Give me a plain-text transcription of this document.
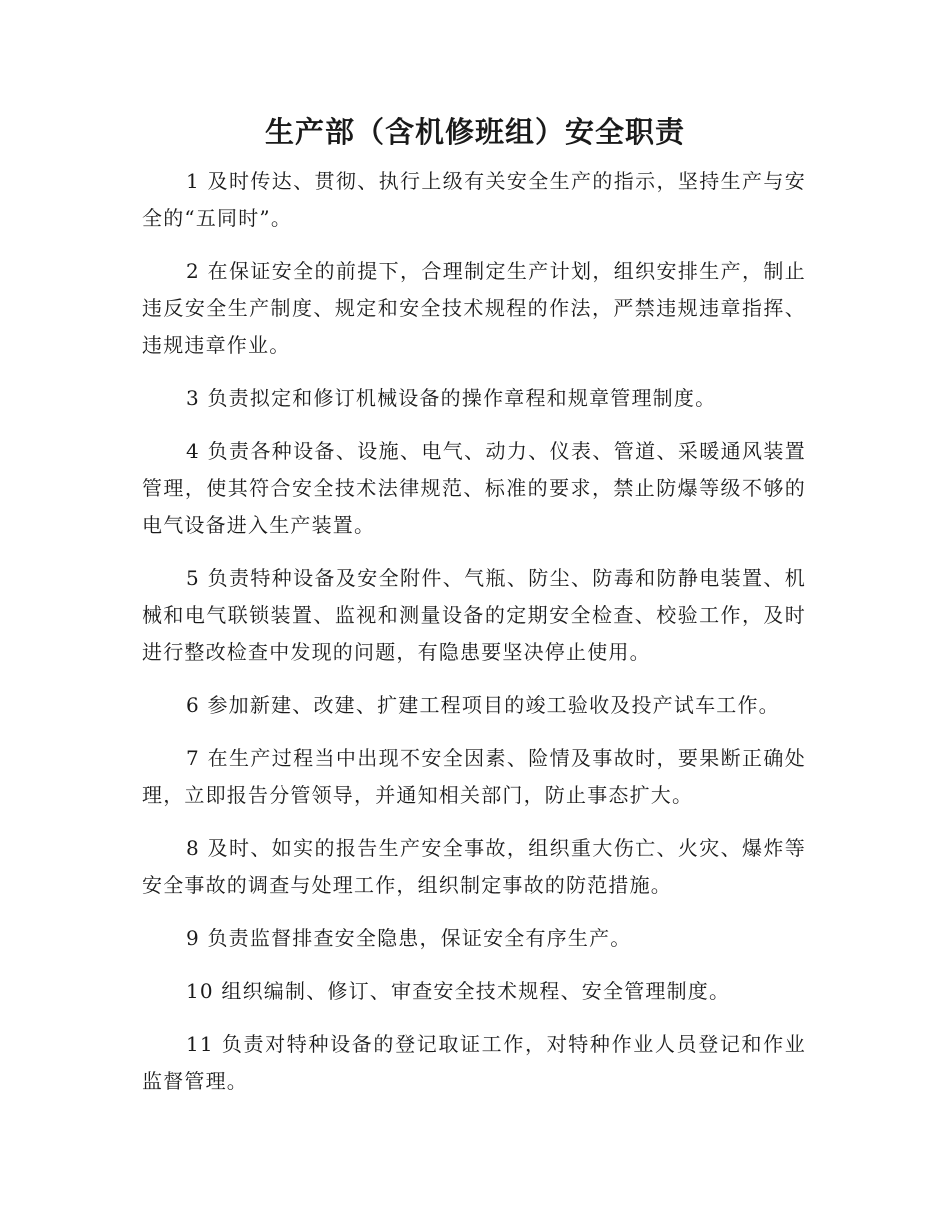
生产部（含机修班组）安全职责

1 及时传达、贯彻、执行上级有关安全生产的指示，坚持生产与安全的“五同时”。

2 在保证安全的前提下，合理制定生产计划，组织安排生产，制止违反安全生产制度、规定和安全技术规程的作法，严禁违规违章指挥、违规违章作业。

3 负责拟定和修订机械设备的操作章程和规章管理制度。

4 负责各种设备、设施、电气、动力、仪表、管道、采暖通风装置管理，使其符合安全技术法律规范、标准的要求，禁止防爆等级不够的电气设备进入生产装置。

5 负责特种设备及安全附件、气瓶、防尘、防毒和防静电装置、机械和电气联锁装置、监视和测量设备的定期安全检查、校验工作，及时进行整改检查中发现的问题，有隐患要坚决停止使用。

6 参加新建、改建、扩建工程项目的竣工验收及投产试车工作。

7 在生产过程当中出现不安全因素、险情及事故时，要果断正确处理，立即报告分管领导，并通知相关部门，防止事态扩大。

8 及时、如实的报告生产安全事故，组织重大伤亡、火灾、爆炸等安全事故的调查与处理工作，组织制定事故的防范措施。

9 负责监督排查安全隐患，保证安全有序生产。

10 组织编制、修订、审查安全技术规程、安全管理制度。

11 负责对特种设备的登记取证工作，对特种作业人员登记和作业监督管理。
